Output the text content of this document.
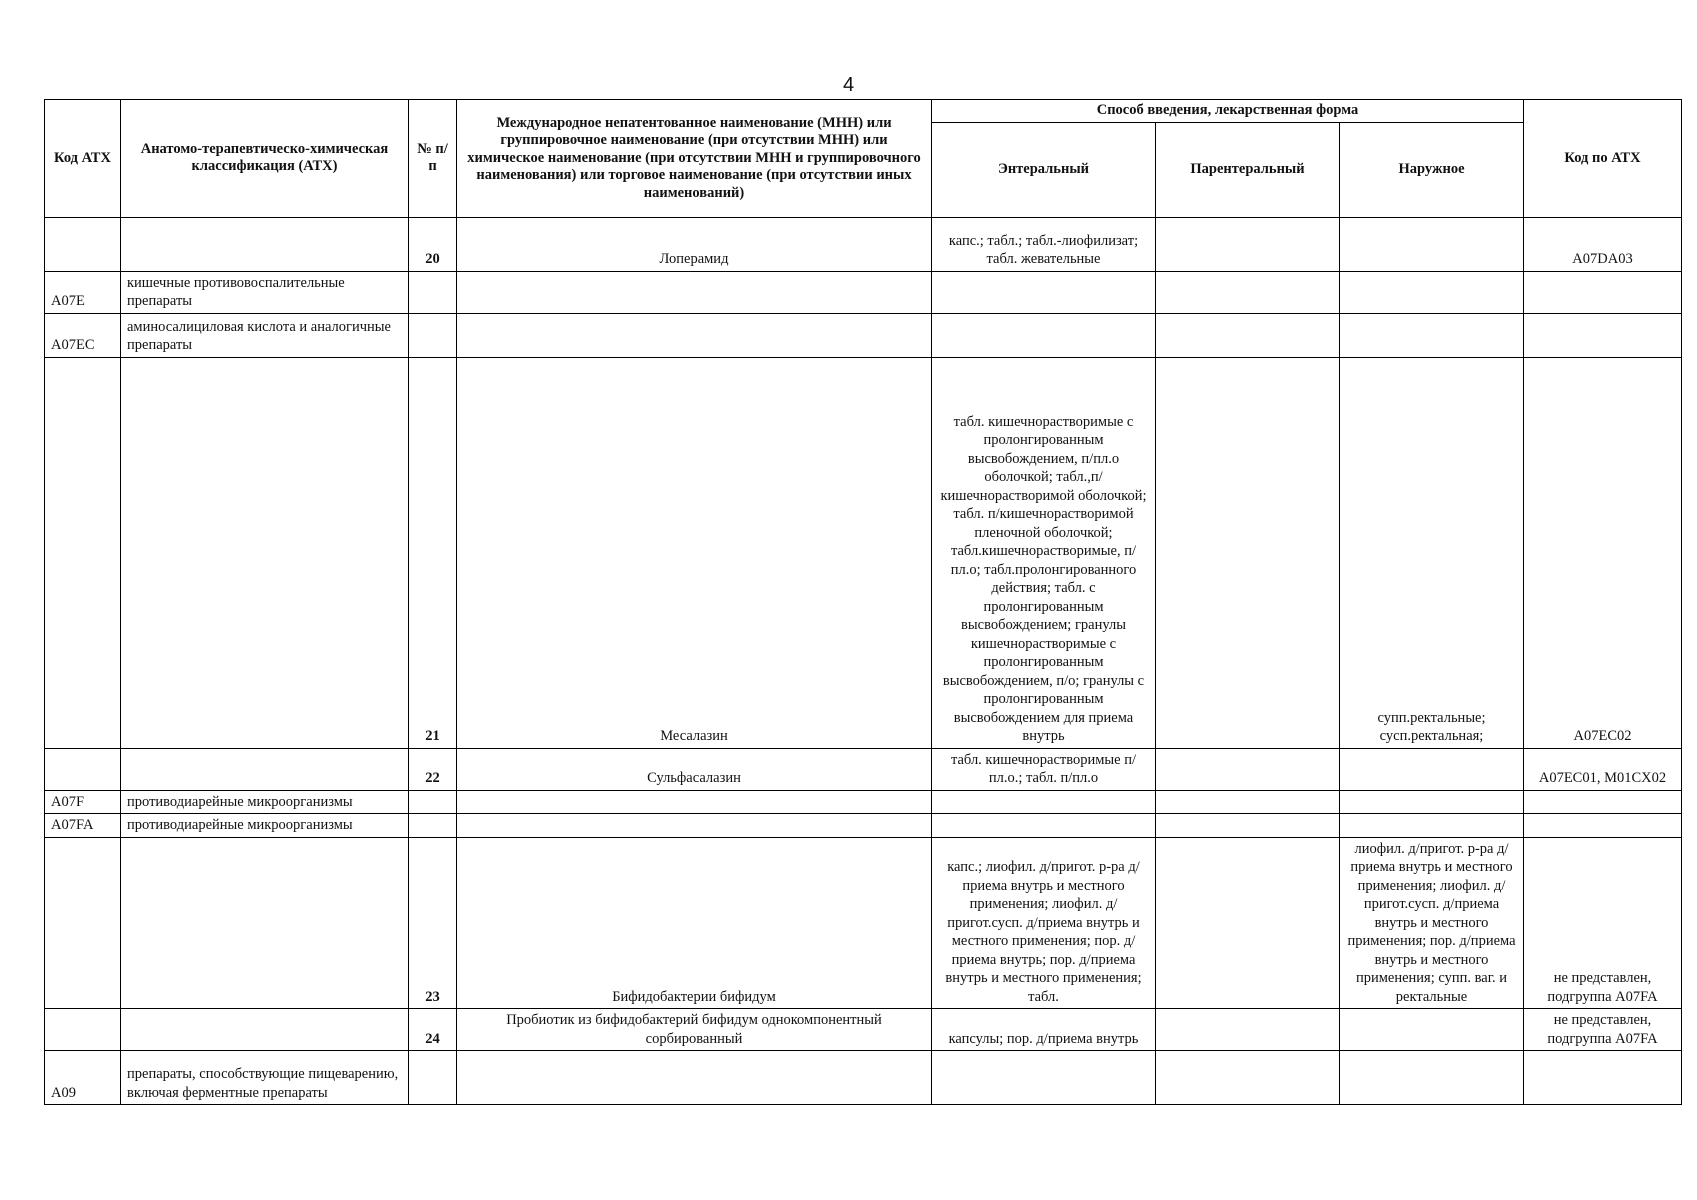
4
Код АТХ	Анатомо-терапевтическо-химическая классификация (АТХ)	№ п/п	Международное непатентованное наименование (МНН) или группировочное наименование (при отсутствии МНН) или химическое наименование (при отсутствии МНН и группировочного наименования) или торговое наименование (при отсутствии иных наименований)	Способ введения, лекарственная форма			Код по АТХ
				Энтеральный	Парентеральный	Наружное	
		20	Лоперамид	капс.; табл.; табл.-лиофилизат; табл. жевательные			A07DA03
A07E	кишечные противовоспалительные препараты						
A07EC	аминосалициловая кислота и аналогичные препараты						
		21	Месалазин	табл. кишечнорастворимые с пролонгированным высвобождением, п/пл.о оболочкой; табл.,п/кишечнорастворимой оболочкой; табл. п/кишечнорастворимой пленочной оболочкой; табл.кишечнорастворимые, п/пл.о; табл.пролонгированного действия; табл. с пролонгированным высвобождением; гранулы кишечнорастворимые с пролонгированным высвобождением, п/о; гранулы с пролонгированным высвобождением для приема внутрь		супп.ректальные; сусп.ректальная;	A07EC02
		22	Сульфасалазин	табл. кишечнорастворимые п/пл.о.; табл. п/пл.о			A07EC01, M01CX02
A07F	противодиарейные микроорганизмы						
A07FA	противодиарейные микроорганизмы						
		23	Бифидобактерии бифидум	капс.; лиофил. д/пригот. р-ра д/приема внутрь и местного применения; лиофил. д/пригот.сусп. д/приема внутрь и местного применения; пор. д/приема внутрь; пор. д/приема внутрь и местного применения; табл.		лиофил. д/пригот. р-ра д/приема внутрь и местного применения; лиофил. д/пригот.сусп. д/приема внутрь и местного применения; пор. д/приема внутрь и местного применения; супп. ваг. и ректальные	не представлен, подгруппа A07FA
		24	Пробиотик из бифидобактерий бифидум однокомпонентный сорбированный	капсулы; пор. д/приема внутрь			не представлен, подгруппа A07FA
A09	препараты, способствующие пищеварению, включая ферментные препараты						
